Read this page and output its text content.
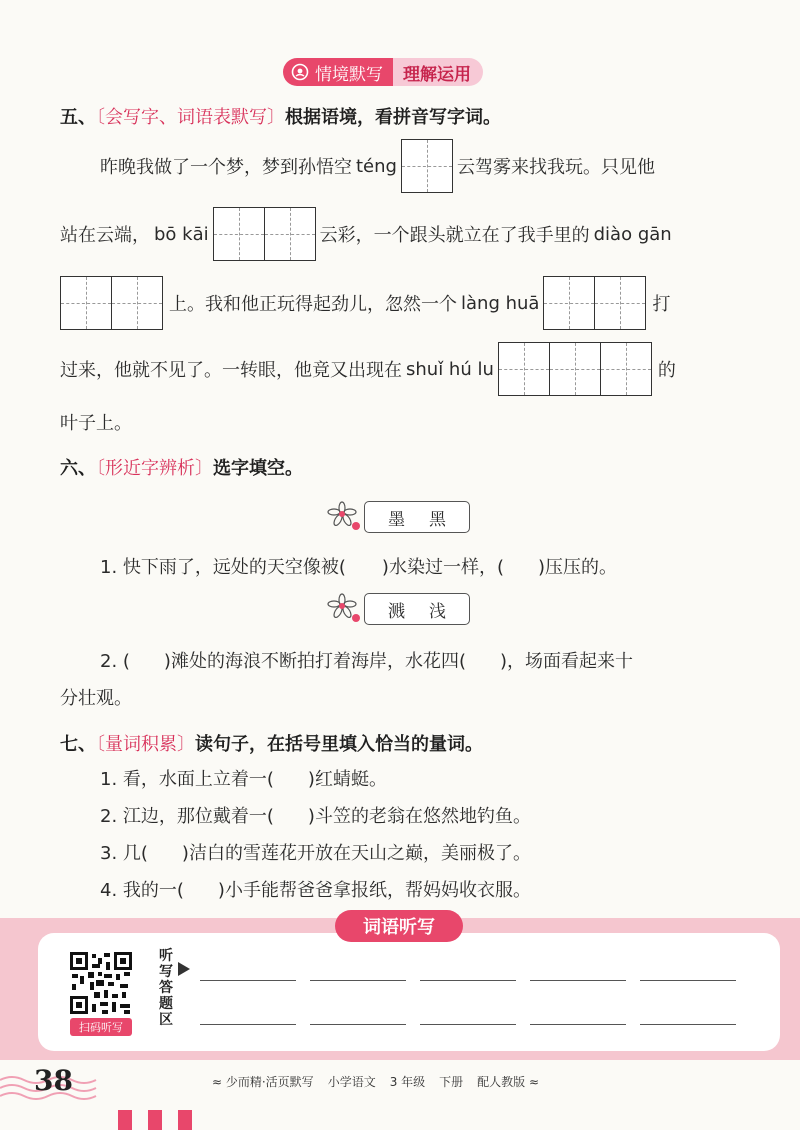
情境默写	理解运用
五、〔会写字、词语表默写〕根据语境，看拼音写字词。
昨晚我做了一个梦，梦到孙悟空 téng	云驾雾来找我玩。只见他
站在云端， bō kāi	云彩，一个跟头就立在了我手里的 diào gān
上。我和他正玩得起劲儿，忽然一个 làng huā	打
过来，他就不见了。一转眼，他竟又出现在 shuǐ hú lu	的
叶子上。
六、〔形近字辨析〕选字填空。
墨 黑
1. 快下雨了，远处的天空像被( )水染过一样，( )压压的。
溅 浅
2. ( )滩处的海浪不断拍打着海岸，水花四( )，场面看起来十
分壮观。
七、〔量词积累〕读句子，在括号里填入恰当的量词。
1. 看，水面上立着一( )红蜻蜓。
2. 江边，那位戴着一( )斗笠的老翁在悠然地钓鱼。
3. 几( )洁白的雪莲花开放在天山之巅，美丽极了。
4. 我的一( )小手能帮爸爸拿报纸，帮妈妈收衣服。
词语听写
扫码听写
听
写
答
题
区
38	≈ 少而精·活页默写 小学语文 3 年级 下册 配人教版 ≈
